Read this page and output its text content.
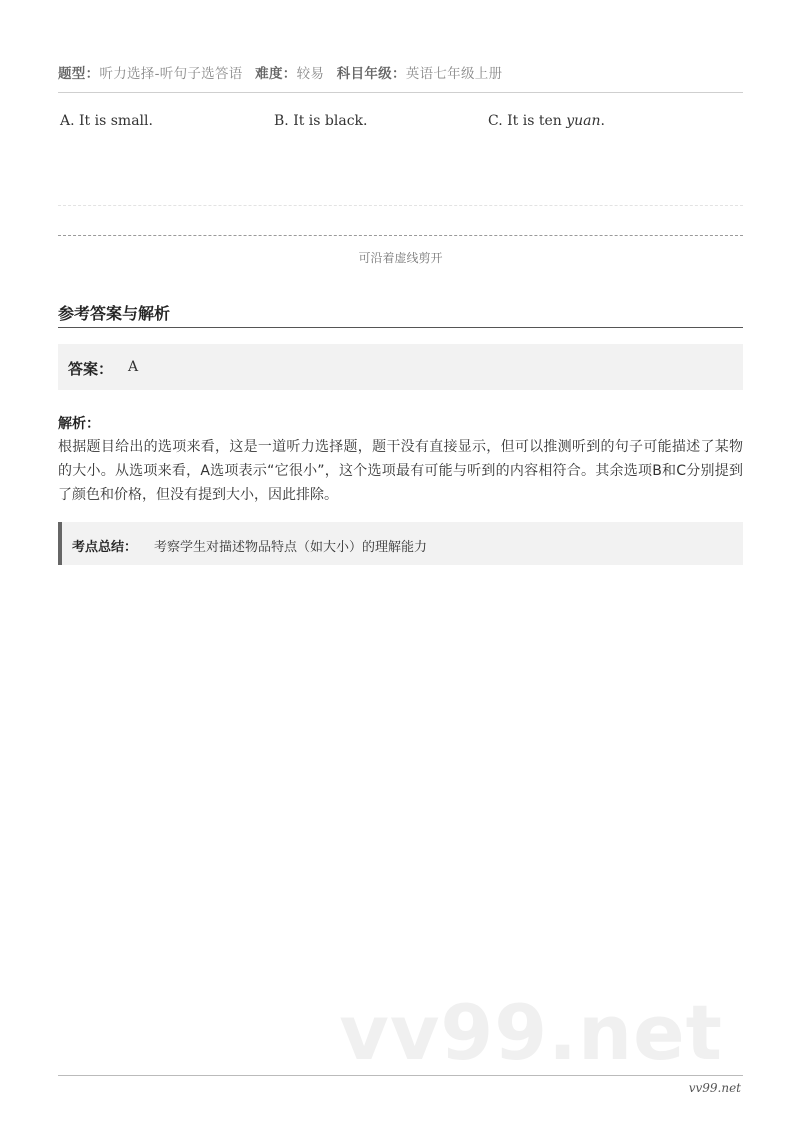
题型：听力选择-听句子选答语 难度：较易 科目年级：英语七年级上册
A. It is small.	B. It is black.	C. It is ten yuan.
可沿着虚线剪开
参考答案与解析
答案： A
解析：
根据题目给出的选项来看，这是一道听力选择题，题干没有直接显示，但可以推测听到的句子可能描述了某物的大小。从选项来看，A选项表示“它很小”，这个选项最有可能与听到的内容相符合。其余选项B和C分别提到了颜色和价格，但没有提到大小，因此排除。
考点总结： 考察学生对描述物品特点（如大小）的理解能力
vv99.net
vv99.net
